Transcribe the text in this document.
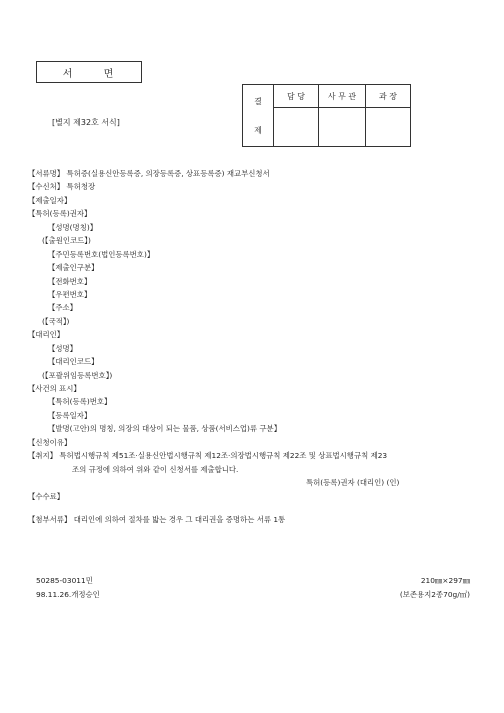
서 면
[별지 제32호 서식]
결
제	담 당	사 무 관	과 장

【서류명】 특허증(실용신안등록증, 의장등록증, 상표등록증) 재교부신청서
【수신처】 특허청장
【제출일자】
【특허(등록)권자】
【성명(명칭)】
(【출원인코드】)
【주민등록번호(법인등록번호)】
【제출인구분】
【전화번호】
【우편번호】
【주소】
(【국적】)
【대리인】
【성명】
【대리인코드】
(【포괄위임등록번호】)
【사건의 표시】
【특허(등록)번호】
【등록일자】
【발명(고안)의 명칭, 의장의 대상이 되는 물품, 상품(서비스업)류 구분】
【신청이유】
【취지】 특허법시행규칙 제51조·실용신안법시행규칙 제12조·의장법시행규칙 제22조 및 상표법시행규칙 제23
조의 규정에 의하여 위와 같이 신청서를 제출합니다.
특허(등록)권자 (대리인) (인)
【수수료】
【첨부서류】 대리인에 의하여 절차를 밟는 경우 그 대리권을 증명하는 서류 1통
50285-03011민
98.11.26.개정승인
210㎜×297㎜
(보존용지2종70g/㎡)
